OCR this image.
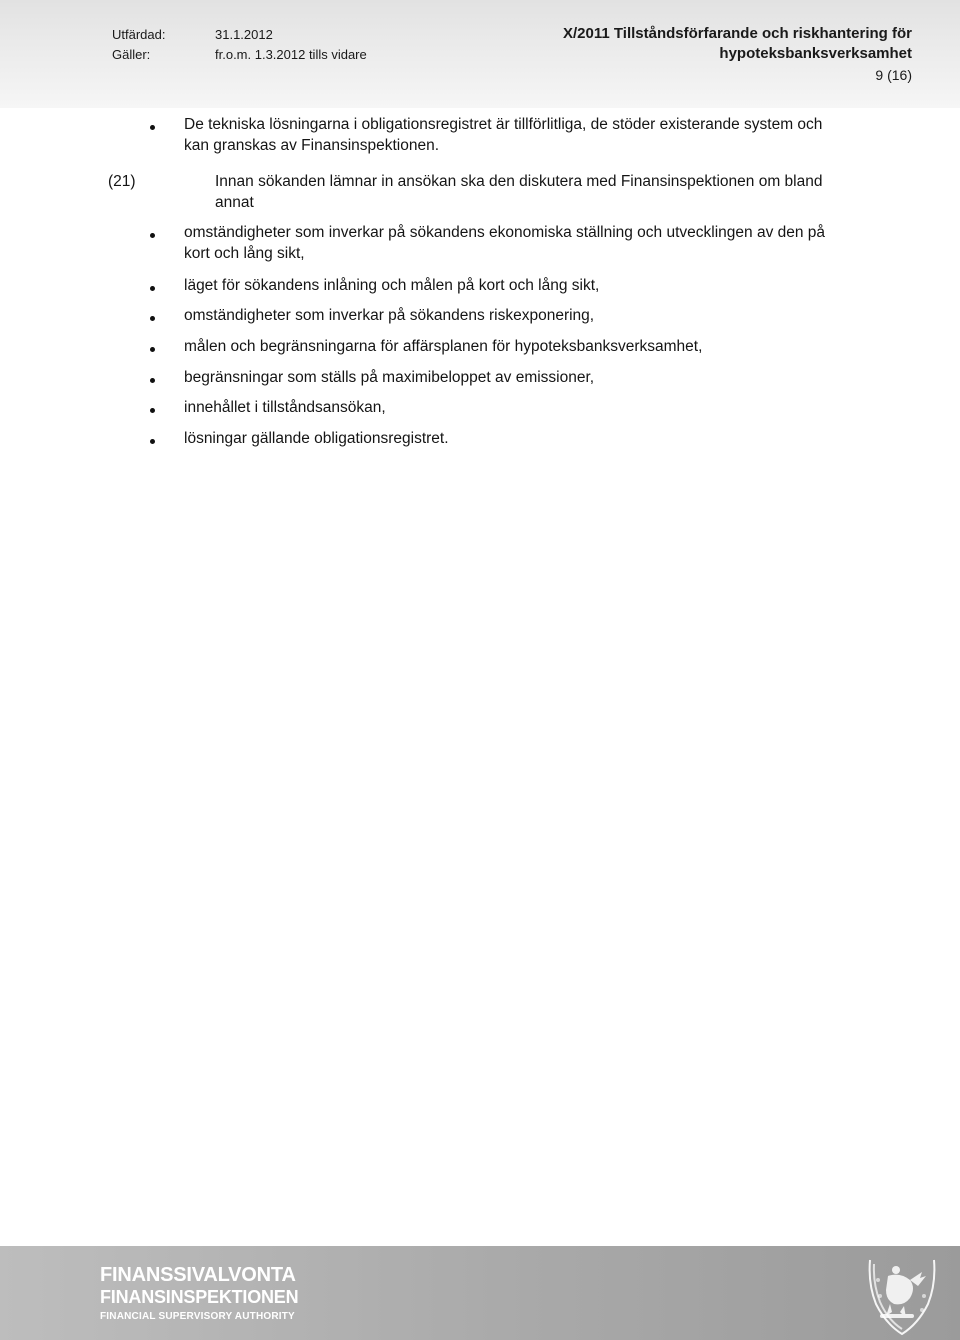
Utfärdad:	31.1.2012
Gäller:	fr.o.m. 1.3.2012 tills vidare
X/2011 Tillståndsförfarande och riskhantering för
hypoteksbanksverksamhet
9 (16)
De tekniska lösningarna i obligationsregistret är tillförlitliga, de stöder existerande system och
kan granskas av Finansinspektionen.
(21)	Innan sökanden lämnar in ansökan ska den diskutera med Finansinspektionen om bland
annat
omständigheter som inverkar på sökandens ekonomiska ställning och utvecklingen av den på
kort och lång sikt,
läget för sökandens inlåning och målen på kort och lång sikt,
omständigheter som inverkar på sökandens riskexponering,
målen och begränsningarna för affärsplanen för hypoteksbanksverksamhet,
begränsningar som ställs på maximibeloppet av emissioner,
innehållet i tillståndsansökan,
lösningar gällande obligationsregistret.
FINANSSIVALVONTA
FINANSINSPEKTIONEN
FINANCIAL SUPERVISORY AUTHORITY
